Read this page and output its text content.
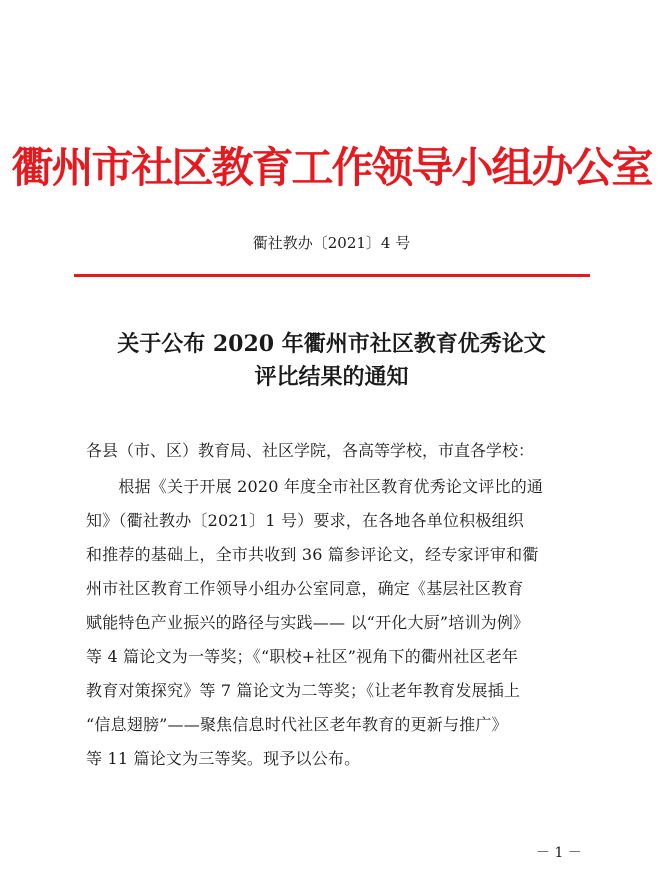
衢州市社区教育工作领导小组办公室
衢社教办〔2021〕4 号
关于公布 2020 年衢州市社区教育优秀论文
评比结果的通知
各县（市、区）教育局、社区学院，各高等学校，市直各学校：
　　根据《关于开展 2020 年度全市社区教育优秀论文评比的通
知》（衢社教办〔2021〕1 号）要求，在各地各单位积极组织
和推荐的基础上，全市共收到 36 篇参评论文，经专家评审和衢
州市社区教育工作领导小组办公室同意，确定《基层社区教育
赋能特色产业振兴的路径与实践—— 以“开化大厨”培训为例》
等 4 篇论文为一等奖；《“职校+社区”视角下的衢州社区老年
教育对策探究》等 7 篇论文为二等奖；《让老年教育发展插上
“信息翅膀”——聚焦信息时代社区老年教育的更新与推广》
等 11 篇论文为三等奖。现予以公布。
－ 1 －
